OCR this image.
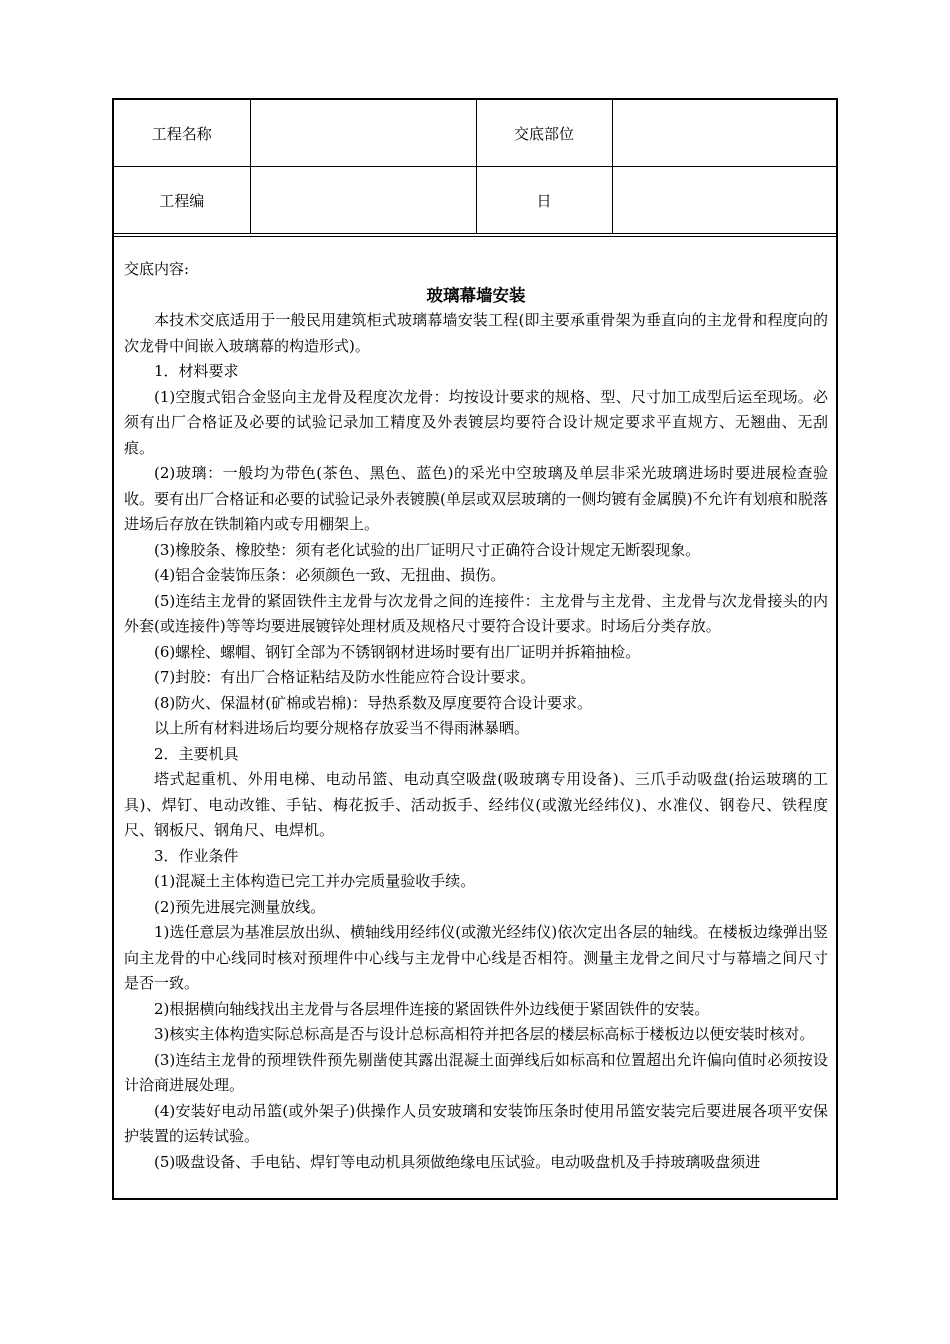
工程名称		交底部位	
工程编		日	

交底内容:

玻璃幕墙安装

本技术交底适用于一般民用建筑柜式玻璃幕墙安装工程(即主要承重骨架为垂直向的主龙骨和程度向的次龙骨中间嵌入玻璃幕的构造形式)。

1．材料要求

(1)空腹式铝合金竖向主龙骨及程度次龙骨：均按设计要求的规格、型、尺寸加工成型后运至现场。必须有出厂合格证及必要的试验记录加工精度及外表镀层均要符合设计规定要求平直规方、无翘曲、无刮痕。

(2)玻璃：一般均为带色(茶色、黑色、蓝色)的采光中空玻璃及单层非采光玻璃进场时要进展检查验收。要有出厂合格证和必要的试验记录外表镀膜(单层或双层玻璃的一侧均镀有金属膜)不允许有划痕和脱落进场后存放在铁制箱内或专用棚架上。

(3)橡胶条、橡胶垫：须有老化试验的出厂证明尺寸正确符合设计规定无断裂现象。

(4)铝合金装饰压条：必须颜色一致、无扭曲、损伤。

(5)连结主龙骨的紧固铁件主龙骨与次龙骨之间的连接件：主龙骨与主龙骨、主龙骨与次龙骨接头的内外套(或连接件)等等均要进展镀锌处理材质及规格尺寸要符合设计要求。时场后分类存放。

(6)螺栓、螺帽、钢钉全部为不锈钢钢材进场时要有出厂证明并拆箱抽检。

(7)封胶：有出厂合格证粘结及防水性能应符合设计要求。

(8)防火、保温材(矿棉或岩棉)：导热系数及厚度要符合设计要求。

以上所有材料进场后均要分规格存放妥当不得雨淋暴晒。

2．主要机具

塔式起重机、外用电梯、电动吊篮、电动真空吸盘(吸玻璃专用设备)、三爪手动吸盘(抬运玻璃的工具)、焊钉、电动改锥、手钻、梅花扳手、活动扳手、经纬仪(或激光经纬仪)、水准仪、钢卷尺、铁程度尺、钢板尺、钢角尺、电焊机。

3．作业条件

(1)混凝土主体构造已完工并办完质量验收手续。

(2)预先进展完测量放线。

1)选任意层为基准层放出纵、横轴线用经纬仪(或激光经纬仪)依次定出各层的轴线。在楼板边缘弹出竖向主龙骨的中心线同时核对预埋件中心线与主龙骨中心线是否相符。测量主龙骨之间尺寸与幕墙之间尺寸是否一致。

2)根据横向轴线找出主龙骨与各层埋件连接的紧固铁件外边线便于紧固铁件的安装。

3)核实主体构造实际总标高是否与设计总标高相符并把各层的楼层标高标于楼板边以便安装时核对。

(3)连结主龙骨的预埋铁件预先剔凿使其露出混凝土面弹线后如标高和位置超出允许偏向值时必须按设计洽商进展处理。

(4)安装好电动吊篮(或外架子)供操作人员安玻璃和安装饰压条时使用吊篮安装完后要进展各项平安保护装置的运转试验。

(5)吸盘设备、手电钻、焊钉等电动机具须做绝缘电压试验。电动吸盘机及手持玻璃吸盘须进
